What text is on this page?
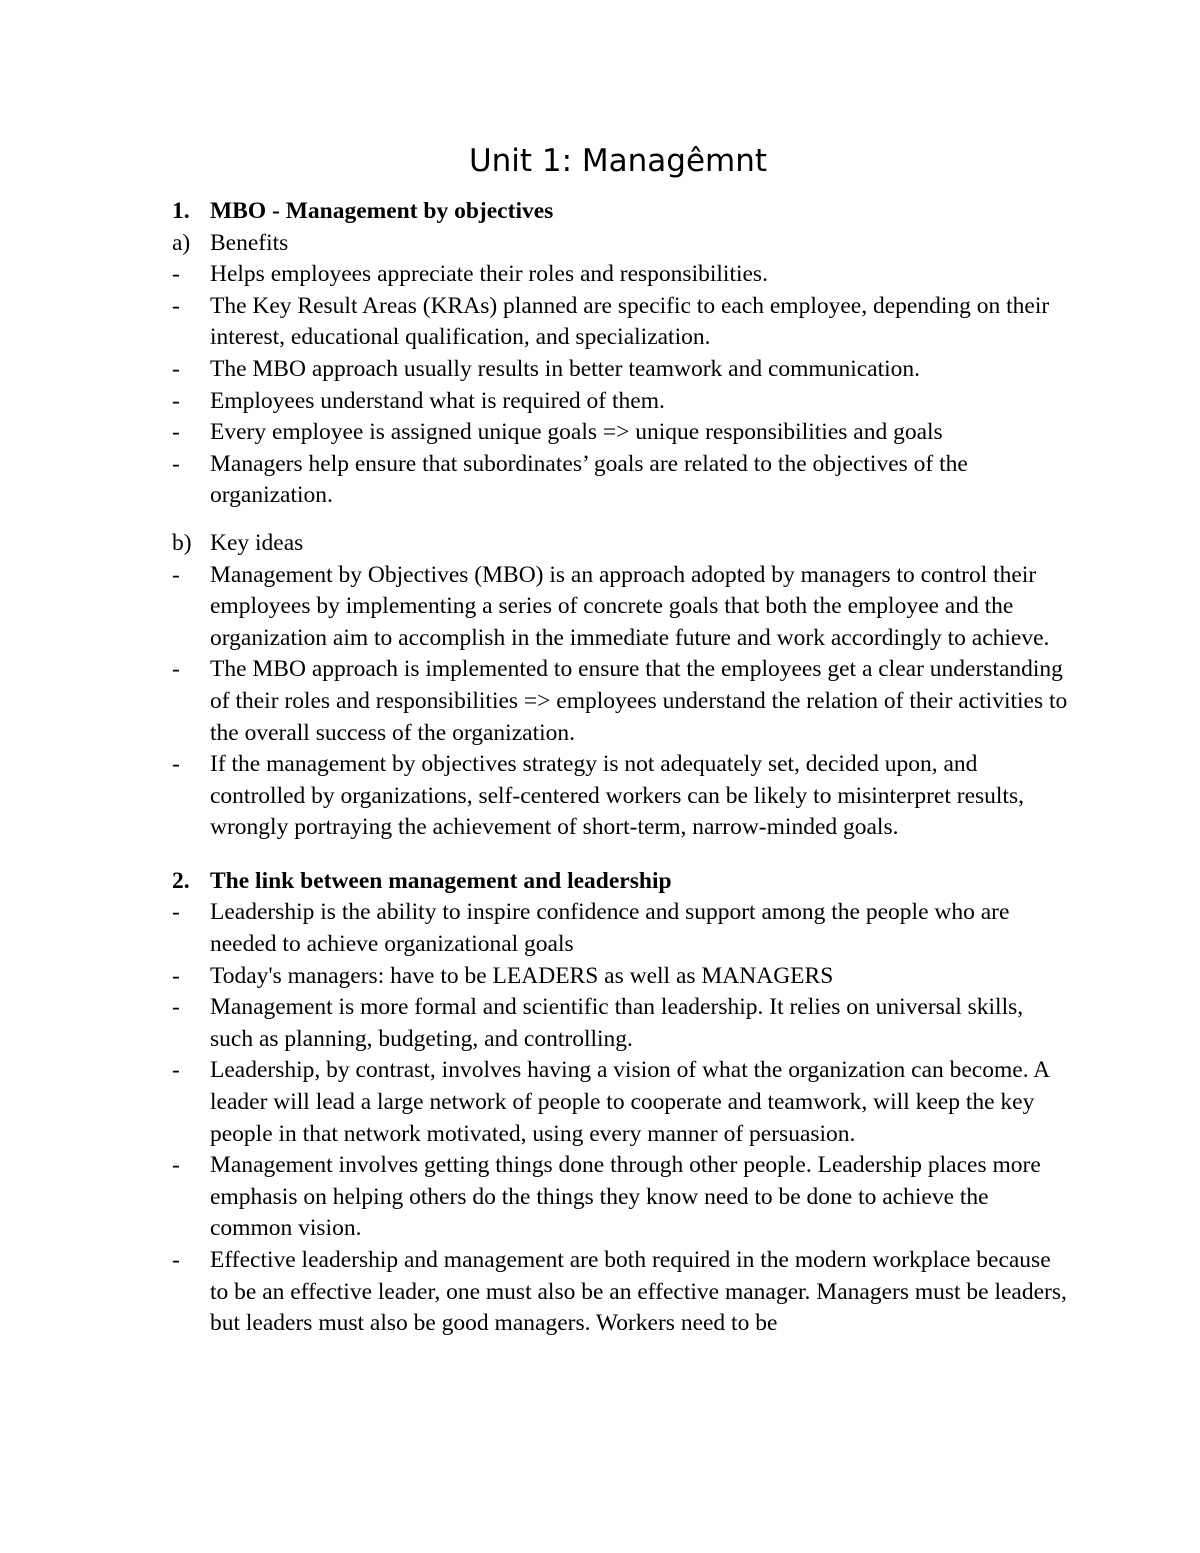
Unit 1: Managêmnt
1. MBO - Management by objectives
a) Benefits
-	Helps employees appreciate their roles and responsibilities.
-	The Key Result Areas (KRAs) planned are specific to each employee, depending on their interest, educational qualification, and specialization.
-	The MBO approach usually results in better teamwork and communication.
-	Employees understand what is required of them.
-	Every employee is assigned unique goals => unique responsibilities and goals
-	Managers help ensure that subordinates’ goals are related to the objectives of the organization.
b) Key ideas
-	Management by Objectives (MBO) is an approach adopted by managers to control their employees by implementing a series of concrete goals that both the employee and the organization aim to accomplish in the immediate future and work accordingly to achieve.
-	The MBO approach is implemented to ensure that the employees get a clear understanding of their roles and responsibilities => employees understand the relation of their activities to the overall success of the organization.
-	If the management by objectives strategy is not adequately set, decided upon, and controlled by organizations, self-centered workers can be likely to misinterpret results, wrongly portraying the achievement of short-term, narrow-minded goals.
2. The link between management and leadership
-	Leadership is the ability to inspire confidence and support among the people who are needed to achieve organizational goals
-	Today's managers: have to be LEADERS as well as MANAGERS
-	Management is more formal and scientific than leadership. It relies on universal skills, such as planning, budgeting, and controlling.
-	Leadership, by contrast, involves having a vision of what the organization can become. A leader will lead a large network of people to cooperate and teamwork, will keep the key people in that network motivated, using every manner of persuasion.
-	Management involves getting things done through other people. Leadership places more emphasis on helping others do the things they know need to be done to achieve the common vision.
-	Effective leadership and management are both required in the modern workplace because to be an effective leader, one must also be an effective manager. Managers must be leaders, but leaders must also be good managers. Workers need to be
